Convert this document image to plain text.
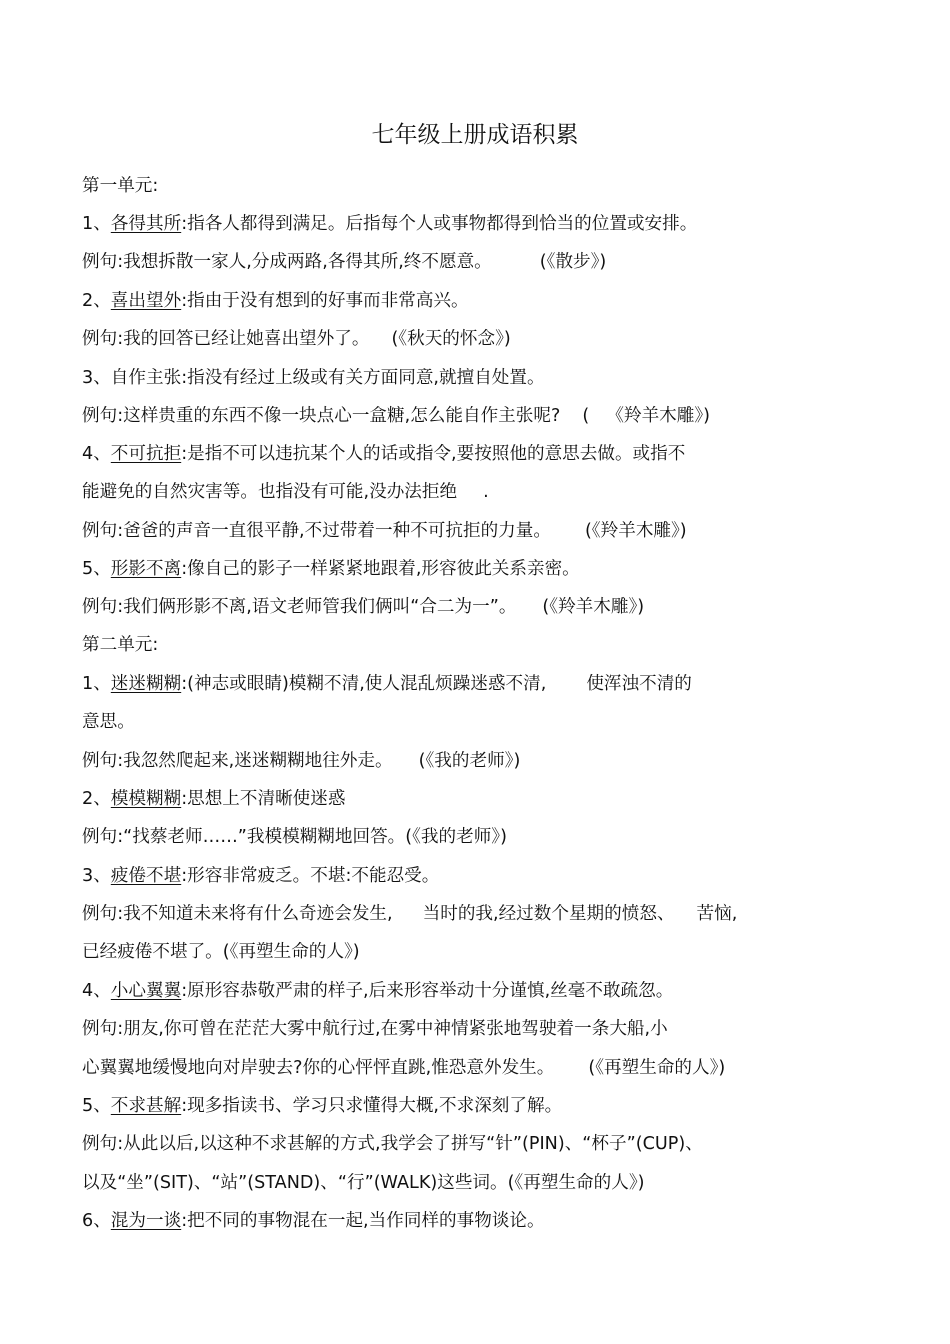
七年级上册成语积累
第一单元:
1、各得其所:指各人都得到满足。后指每个人或事物都得到恰当的位置或安排。
例句:我想拆散一家人,分成两路,各得其所,终不愿意。	(《散步》)
2、喜出望外:指由于没有想到的好事而非常高兴。
例句:我的回答已经让她喜出望外了。 (《秋天的怀念》)
3、自作主张:指没有经过上级或有关方面同意,就擅自处置。
例句:这样贵重的东西不像一块点心一盒糖,怎么能自作主张呢? ( 《羚羊木雕》)
4、不可抗拒:是指不可以违抗某个人的话或指令,要按照他的意思去做。或指不
能避免的自然灾害等。也指没有可能,没办法拒绝 .
例句:爸爸的声音一直很平静,不过带着一种不可抗拒的力量。 (《羚羊木雕》)
5、形影不离:像自己的影子一样紧紧地跟着,形容彼此关系亲密。
例句:我们俩形影不离,语文老师管我们俩叫“合二为一”。 (《羚羊木雕》)
第二单元:
1、迷迷糊糊:(神志或眼睛)模糊不清,使人混乱烦躁迷惑不清, 使浑浊不清的
意思。
例句:我忽然爬起来,迷迷糊糊地往外走。 (《我的老师》)
2、模模糊糊:思想上不清晰使迷惑
例句:“找蔡老师……”我模模糊糊地回答。(《我的老师》)
3、疲倦不堪:形容非常疲乏。不堪:不能忍受。
例句:我不知道未来将有什么奇迹会发生, 当时的我,经过数个星期的愤怒、 苦恼,
已经疲倦不堪了。(《再塑生命的人》)
4、小心翼翼:原形容恭敬严肃的样子,后来形容举动十分谨慎,丝毫不敢疏忽。
例句:朋友,你可曾在茫茫大雾中航行过,在雾中神情紧张地驾驶着一条大船,小
心翼翼地缓慢地向对岸驶去?你的心怦怦直跳,惟恐意外发生。 (《再塑生命的人》)
5、不求甚解:现多指读书、学习只求懂得大概,不求深刻了解。
例句:从此以后,以这种不求甚解的方式,我学会了拼写“针”(PIN)、“杯子”(CUP)、
以及“坐”(SIT)、“站”(STAND)、“行”(WALK)这些词。(《再塑生命的人》)
6、混为一谈:把不同的事物混在一起,当作同样的事物谈论。
